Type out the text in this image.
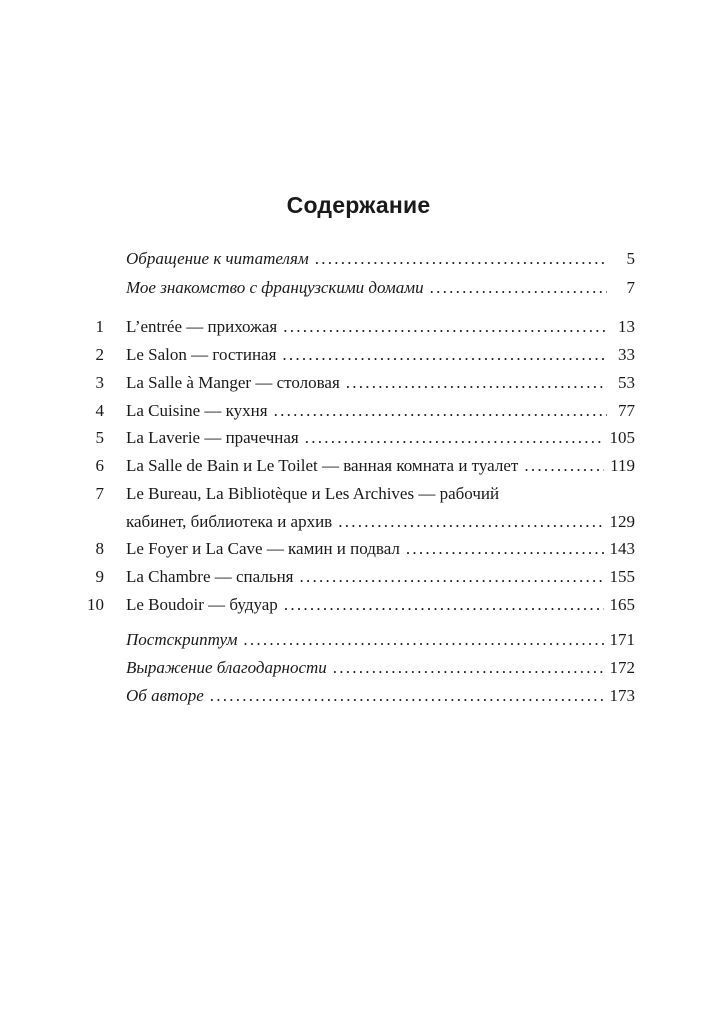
Содержание
Обращение к читателям . . .	5
Мое знакомство с французскими домами . . .	7
1 L’entrée — прихожая . . .	13
2 Le Salon — гостиная . . .	33
3 La Salle à Manger — столовая . . .	53
4 La Cuisine — кухня . . .	77
5 La Laverie — прачечная . . .	105
6 La Salle de Bain и Le Toilet — ванная комната и туалет . . .	119
7 Le Bureau, La Bibliotèque и Les Archives — рабочий
кабинет, библиотека и архив . . .	129
8 Le Foyer и La Cave — камин и подвал . . .	143
9 La Chambre — спальня . . .	155
10 Le Boudoir — будуар . . .	165
Постскриптум . . .	171
Выражение благодарности . . .	172
Об авторе . . .	173
